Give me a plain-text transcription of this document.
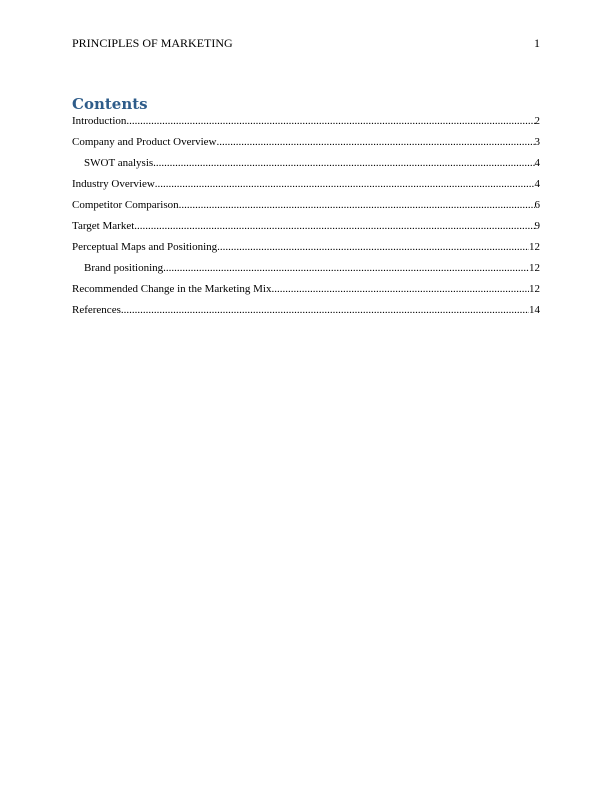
PRINCIPLES OF MARKETING	1
Contents
Introduction .....	2
Company and Product Overview .....	3
SWOT analysis .....	4
Industry Overview .....	4
Competitor Comparison .....	6
Target Market .....	9
Perceptual Maps and Positioning .....	12
Brand positioning .....	12
Recommended Change in the Marketing Mix .....	12
References .....	14
